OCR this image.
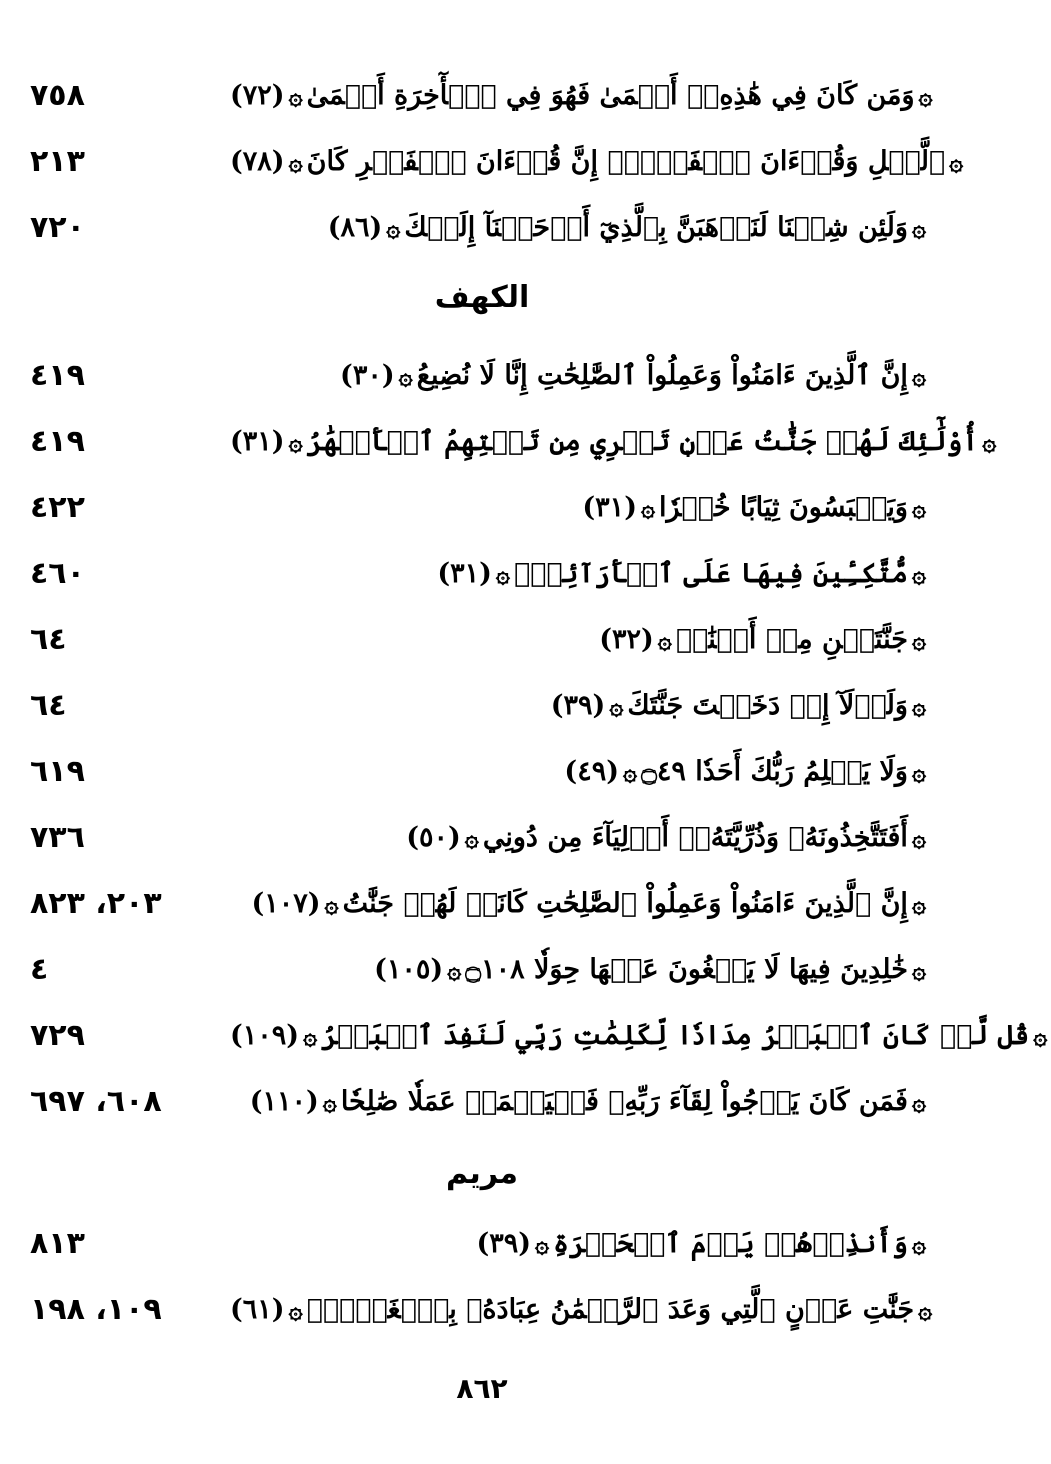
٧٥٨	۞وَمَن كَانَ فِي هَٰذِهِۦٓ أَعۡمَىٰ فَهُوَ فِي ٱلۡأٓخِرَةِ أَعۡمَىٰ۞(٧٢)
٢١٣	۞ٱلَّيۡلِ وَقُرۡءَانَ ٱلۡفَجۡرِۖ إِنَّ قُرۡءَانَ ٱلۡفَجۡرِ كَانَ۞(٧٨)
٧٢٠	۞وَلَئِن شِئۡنَا لَنَذۡهَبَنَّ بِٱلَّذِيٓ أَوۡحَيۡنَآ إِلَيۡكَ۞(٨٦)
الكهف
٤١٩	۞إِنَّ ٱلَّذِينَ ءَامَنُواْ وَعَمِلُواْ ٱلصَّٰلِحَٰتِ إِنَّا لَا نُضِيعُ۞(٣٠)
٤١٩	۞أُوْلَٰٓئِكَ لَهُمۡ جَنَّٰتُ عَدۡنٖ تَجۡرِي مِن تَحۡتِهِمُ ٱلۡأَنۡهَٰرُ۞(٣١)
٤٢٢	۞وَيَلۡبَسُونَ ثِيَابًا خُضۡرٗا۞(٣١)
٤٦٠	۞مُّتَّكِـِٔينَ فِيهَا عَلَى ٱلۡأَرَآئِكِۚ۞(٣١)
٦٤	۞جَنَّتَيۡنِ مِنۡ أَعۡنَٰبٖ۞(٣٢)
٦٤	۞وَلَوۡلَآ إِذۡ دَخَلۡتَ جَنَّتَكَ۞(٣٩)
٦١٩	۞وَلَا يَظۡلِمُ رَبُّكَ أَحَدٗا ۝٤٩۞(٤٩)
٧٣٦	۞أَفَتَتَّخِذُونَهُۥ وَذُرِّيَّتَهُۥٓ أَوۡلِيَآءَ مِن دُونِي۞(٥٠)
٢٠٣، ٨٢٣	۞إِنَّ ٱلَّذِينَ ءَامَنُواْ وَعَمِلُواْ ٱلصَّٰلِحَٰتِ كَانَتۡ لَهُمۡ جَنَّٰتُ۞(١٠٧)
٤	۞خَٰلِدِينَ فِيهَا لَا يَبۡغُونَ عَنۡهَا حِوَلٗا ۝١٠٨۞(١٠٥)
٧٢٩	۞قُل لَّوۡ كَانَ ٱلۡبَحۡرُ مِدَادٗا لِّكَلِمَٰتِ رَبِّي لَنَفِدَ ٱلۡبَحۡرُ۞(١٠٩)
٦٠٨، ٦٩٧	۞فَمَن كَانَ يَرۡجُواْ لِقَآءَ رَبِّهِۦ فَلۡيَعۡمَلۡ عَمَلٗا صَٰلِحٗا۞(١١٠)
مريم
٨١٣	۞وَأَنذِرۡهُمۡ يَوۡمَ ٱلۡحَسۡرَةِ۞(٣٩)
١٠٩، ١٩٨	۞جَنَّٰتِ عَدۡنٍ ٱلَّتِي وَعَدَ ٱلرَّحۡمَٰنُ عِبَادَهُۥ بِٱلۡغَيۡبِۚ۞(٦١)
٨٦٢
